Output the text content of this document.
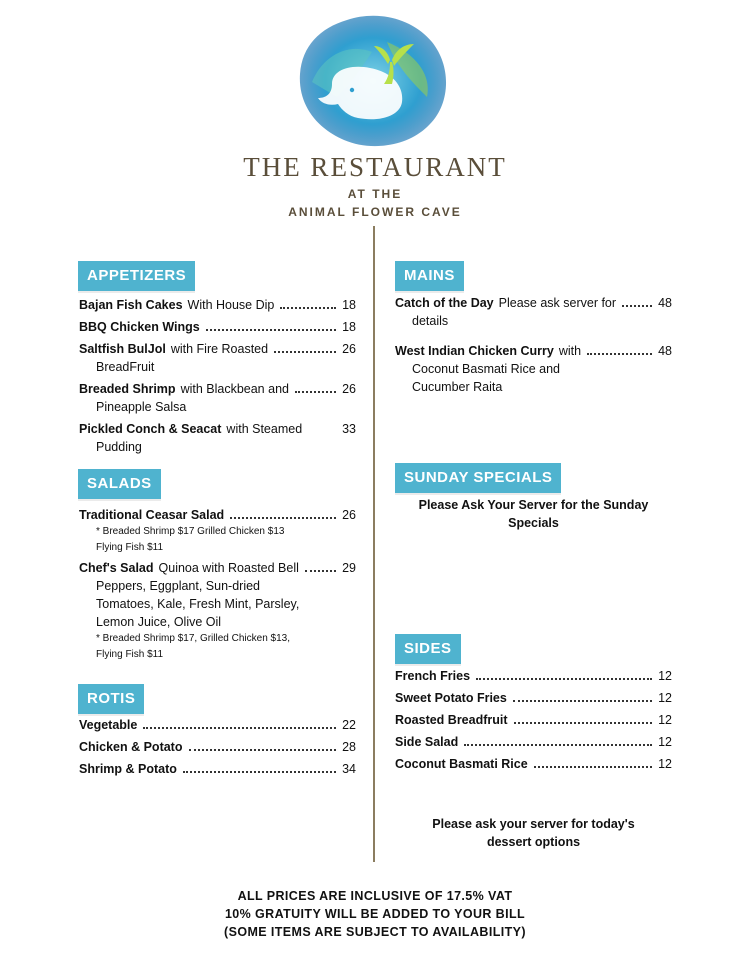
THE RESTAURANT
AT THE
ANIMAL FLOWER CAVE
APPETIZERS
Bajan Fish Cakes With House Dip	18
BBQ Chicken Wings	18
Saltfish BulJol with Fire Roasted	26
BreadFruit
Breaded Shrimp with Blackbean and	26
Pineapple Salsa
Pickled Conch & Seacat with Steamed	33
Pudding
SALADS
Traditional Ceasar Salad	26
* Breaded Shrimp $17 Grilled Chicken $13
Flying Fish $11
Chef's Salad Quinoa with Roasted Bell	29
Peppers, Eggplant, Sun-dried
Tomatoes, Kale, Fresh Mint, Parsley,
Lemon Juice, Olive Oil
* Breaded Shrimp $17, Grilled Chicken $13,
Flying Fish $11
ROTIS
Vegetable	22
Chicken & Potato	28
Shrimp & Potato	34
MAINS
Catch of the Day Please ask server for	48
details
West Indian Chicken Curry with	48
Coconut Basmati Rice and
Cucumber Raita
SUNDAY SPECIALS
Please Ask Your Server for the Sunday
Specials
SIDES
French Fries	12
Sweet Potato Fries	12
Roasted Breadfruit	12
Side Salad	12
Coconut Basmati Rice	12
Please ask your server for today's
dessert options
ALL PRICES ARE INCLUSIVE OF 17.5% VAT
10% GRATUITY WILL BE ADDED TO YOUR BILL
(SOME ITEMS ARE SUBJECT TO AVAILABILITY)
